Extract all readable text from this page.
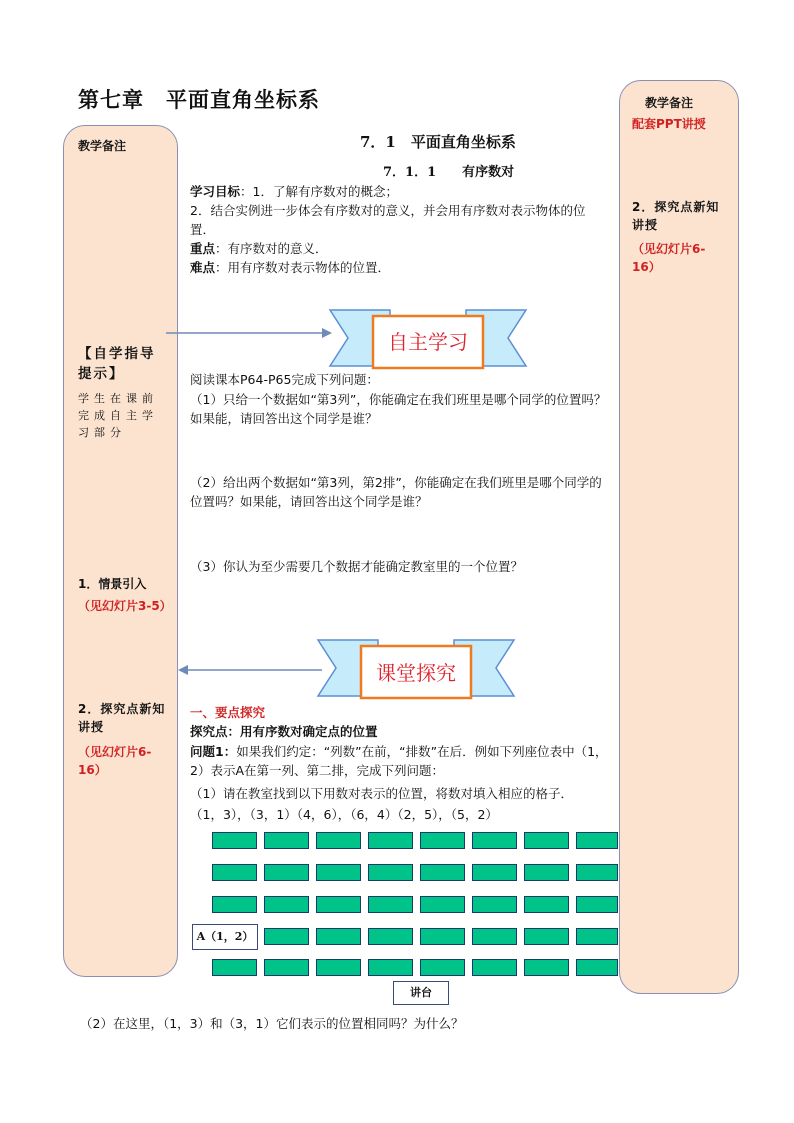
第七章　平面直角坐标系
教学备注
【自学指导提示】
学生在课前完成自主学习部分
1．情景引入
（见幻灯片3-5）
2．探究点新知讲授
（见幻灯片6-16）
教学备注
配套PPT讲授
2．探究点新知讲授
（见幻灯片6-16）
7．1　平面直角坐标系
7．1．1　　有序数对
学习目标：1．了解有序数对的概念；
2．结合实例进一步体会有序数对的意义，并会用有序数对表示物体的位置．
重点：有序数对的意义．
难点：用有序数对表示物体的位置．
自主学习
阅读课本P64-P65完成下列问题：
（1）只给一个数据如“第3列”，你能确定在我们班里是哪个同学的位置吗？如果能，请回答出这个同学是谁？
（2）给出两个数据如“第3列，第2排”，你能确定在我们班里是哪个同学的位置吗？如果能，请回答出这个同学是谁？
（3）你认为至少需要几个数据才能确定教室里的一个位置？
课堂探究
一、要点探究
探究点：用有序数对确定点的位置
问题1：如果我们约定：“列数”在前，“排数”在后．例如下列座位表中（1，2）表示A在第一列、第二排，完成下列问题：
（1）请在教室找到以下用数对表示的位置，将数对填入相应的格子．
（1，3），（3，1）（4，6），（6，4）（2，5），（5，2）
A（1，2）
讲台
（2）在这里，（1，3）和（3，1）它们表示的位置相同吗？为什么？
